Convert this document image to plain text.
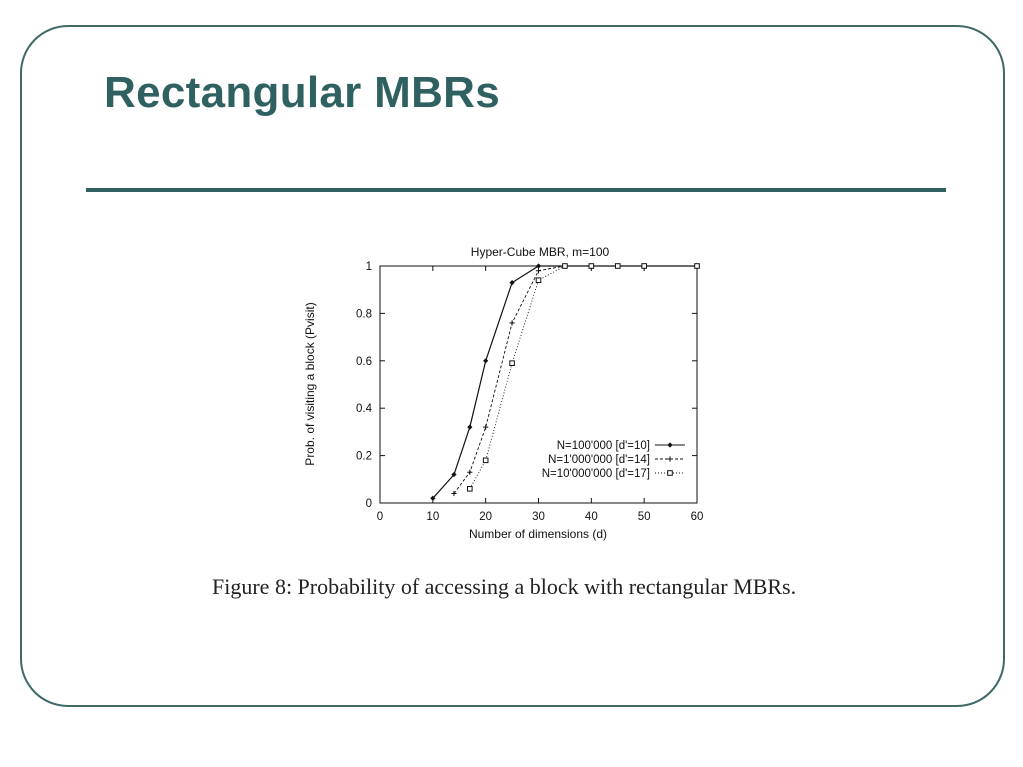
Rectangular MBRs
Hyper-Cube MBR, m=100
0
0.2
0.4
0.6
0.8
1
0	10	20	30	40	50	60
Number of dimensions (d)
Prob. of visiting a block (Pvisit)	N=100'000 [d'=10]
N=1'000'000 [d'=14]
N=10'000'000 [d'=17]

Figure 8: Probability of accessing a block with rectangular MBRs.
